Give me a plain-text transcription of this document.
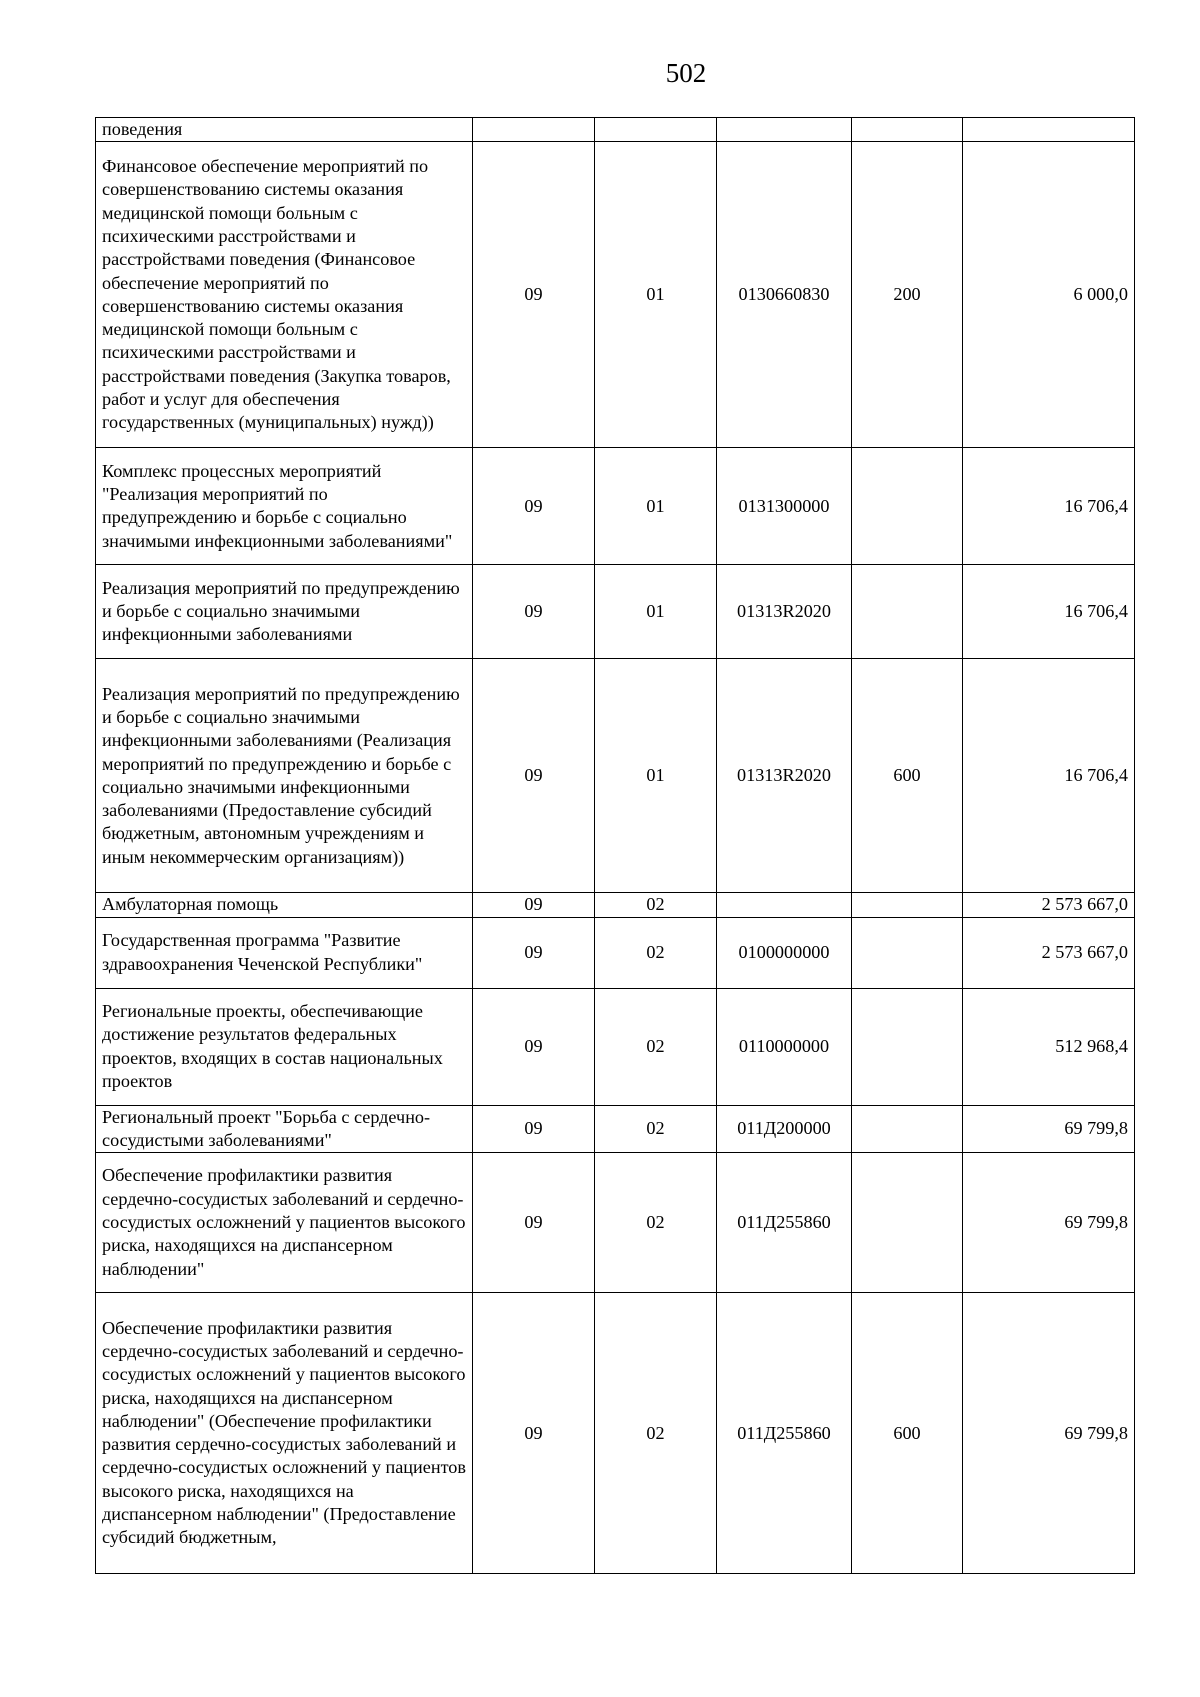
502
поведения					
Финансовое обеспечение мероприятий по совершенствованию системы оказания медицинской помощи больным с психическими расстройствами и расстройствами поведения (Финансовое обеспечение мероприятий по совершенствованию системы оказания медицинской помощи больным с психическими расстройствами и расстройствами поведения (Закупка товаров, работ и услуг для обеспечения государственных (муниципальных) нужд))	09	01	0130660830	200	6 000,0
Комплекс процессных мероприятий "Реализация мероприятий по предупреждению и борьбе с социально значимыми инфекционными заболеваниями"	09	01	0131300000		16 706,4
Реализация мероприятий по предупреждению и борьбе с социально значимыми инфекционными заболеваниями	09	01	01313R2020		16 706,4
Реализация мероприятий по предупреждению и борьбе с социально значимыми инфекционными заболеваниями (Реализация мероприятий по предупреждению и борьбе с социально значимыми инфекционными заболеваниями (Предоставление субсидий бюджетным, автономным учреждениям и иным некоммерческим организациям))	09	01	01313R2020	600	16 706,4
Амбулаторная помощь	09	02			2 573 667,0
Государственная программа "Развитие здравоохранения Чеченской Республики"	09	02	0100000000		2 573 667,0
Региональные проекты, обеспечивающие достижение результатов федеральных проектов, входящих в состав национальных проектов	09	02	0110000000		512 968,4
Региональный проект "Борьба с сердечно-сосудистыми заболеваниями"	09	02	011Д200000		69 799,8
Обеспечение профилактики развития сердечно-сосудистых заболеваний и сердечно-сосудистых осложнений у пациентов высокого риска, находящихся на диспансерном наблюдении"	09	02	011Д255860		69 799,8
Обеспечение профилактики развития сердечно-сосудистых заболеваний и сердечно-сосудистых осложнений у пациентов высокого риска, находящихся на диспансерном наблюдении" (Обеспечение профилактики развития сердечно-сосудистых заболеваний и сердечно-сосудистых осложнений у пациентов высокого риска, находящихся на диспансерном наблюдении" (Предоставление субсидий бюджетным,	09	02	011Д255860	600	69 799,8
